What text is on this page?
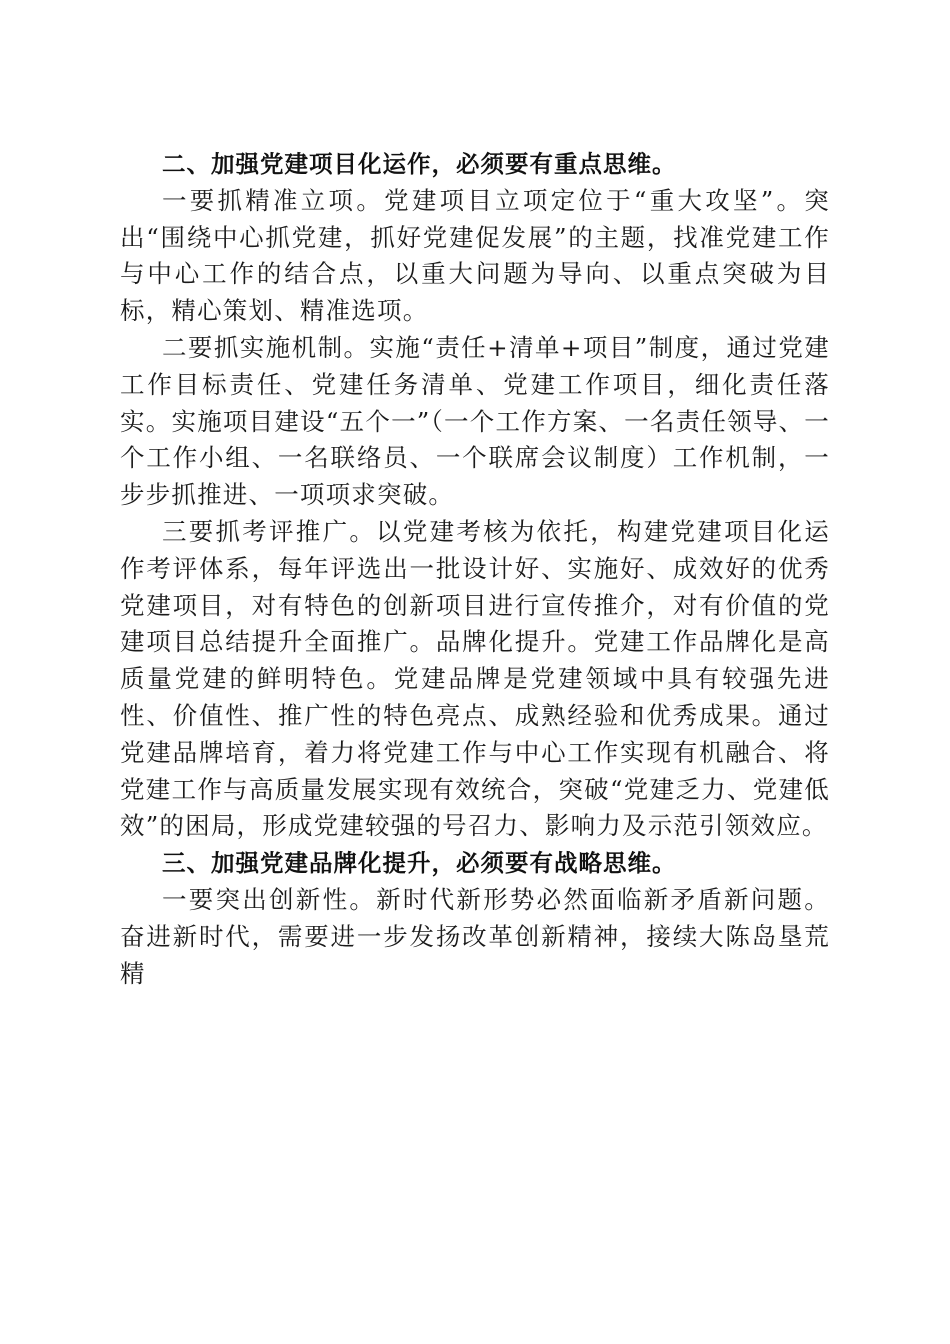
二、加强党建项目化运作，必须要有重点思维。

一要抓精准立项。党建项目立项定位于“重大攻坚”。突出“围绕中心抓党建，抓好党建促发展”的主题，找准党建工作与中心工作的结合点，以重大问题为导向、以重点突破为目标，精心策划、精准选项。

二要抓实施机制。实施“责任+清单+项目”制度，通过党建工作目标责任、党建任务清单、党建工作项目，细化责任落实。实施项目建设“五个一”（一个工作方案、一名责任领导、一个工作小组、一名联络员、一个联席会议制度）工作机制，一步步抓推进、一项项求突破。

三要抓考评推广。以党建考核为依托，构建党建项目化运作考评体系，每年评选出一批设计好、实施好、成效好的优秀党建项目，对有特色的创新项目进行宣传推介，对有价值的党建项目总结提升全面推广。品牌化提升。党建工作品牌化是高质量党建的鲜明特色。党建品牌是党建领域中具有较强先进性、价值性、推广性的特色亮点、成熟经验和优秀成果。通过党建品牌培育，着力将党建工作与中心工作实现有机融合、将党建工作与高质量发展实现有效统合，突破“党建乏力、党建低效”的困局，形成党建较强的号召力、影响力及示范引领效应。

三、加强党建品牌化提升，必须要有战略思维。

一要突出创新性。新时代新形势必然面临新矛盾新问题。奋进新时代，需要进一步发扬改革创新精神，接续大陈岛垦荒精
